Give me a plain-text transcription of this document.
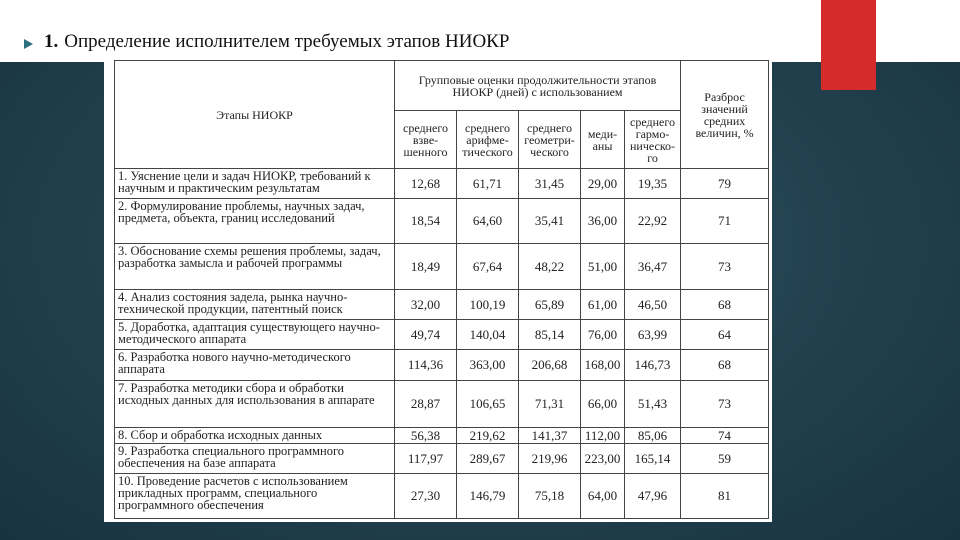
1. Определение исполнителем требуемых этапов НИОКР
Этапы НИОКР	Групповые оценки продолжительности этапов НИОКР (дней) с использованием					Разброс значений средних величин, %
	среднего взве-шенного	среднего арифме-тического	среднего геометри-ческого	меди-аны	среднего гармо-ническо-го	
1. Уяснение цели и задач НИОКР, требований к научным и практическим результатам	12,68	61,71	31,45	29,00	19,35	79
2. Формулирование проблемы, научных задач, предмета, объекта, границ исследований	18,54	64,60	35,41	36,00	22,92	71
3. Обоснование схемы решения проблемы, задач, разработка замысла и рабочей программы	18,49	67,64	48,22	51,00	36,47	73
4. Анализ состояния задела, рынка научно-технической продукции, патентный поиск	32,00	100,19	65,89	61,00	46,50	68
5. Доработка, адаптация существующего научно-методического аппарата	49,74	140,04	85,14	76,00	63,99	64
6. Разработка нового научно-методического аппарата	114,36	363,00	206,68	168,00	146,73	68
7. Разработка методики сбора и обработки исходных данных для использования в аппарате	28,87	106,65	71,31	66,00	51,43	73
8. Сбор и обработка исходных данных	56,38	219,62	141,37	112,00	85,06	74
9. Разработка специального программного обеспечения на базе аппарата	117,97	289,67	219,96	223,00	165,14	59
10. Проведение расчетов с использованием прикладных программ, специального программного обеспечения	27,30	146,79	75,18	64,00	47,96	81
